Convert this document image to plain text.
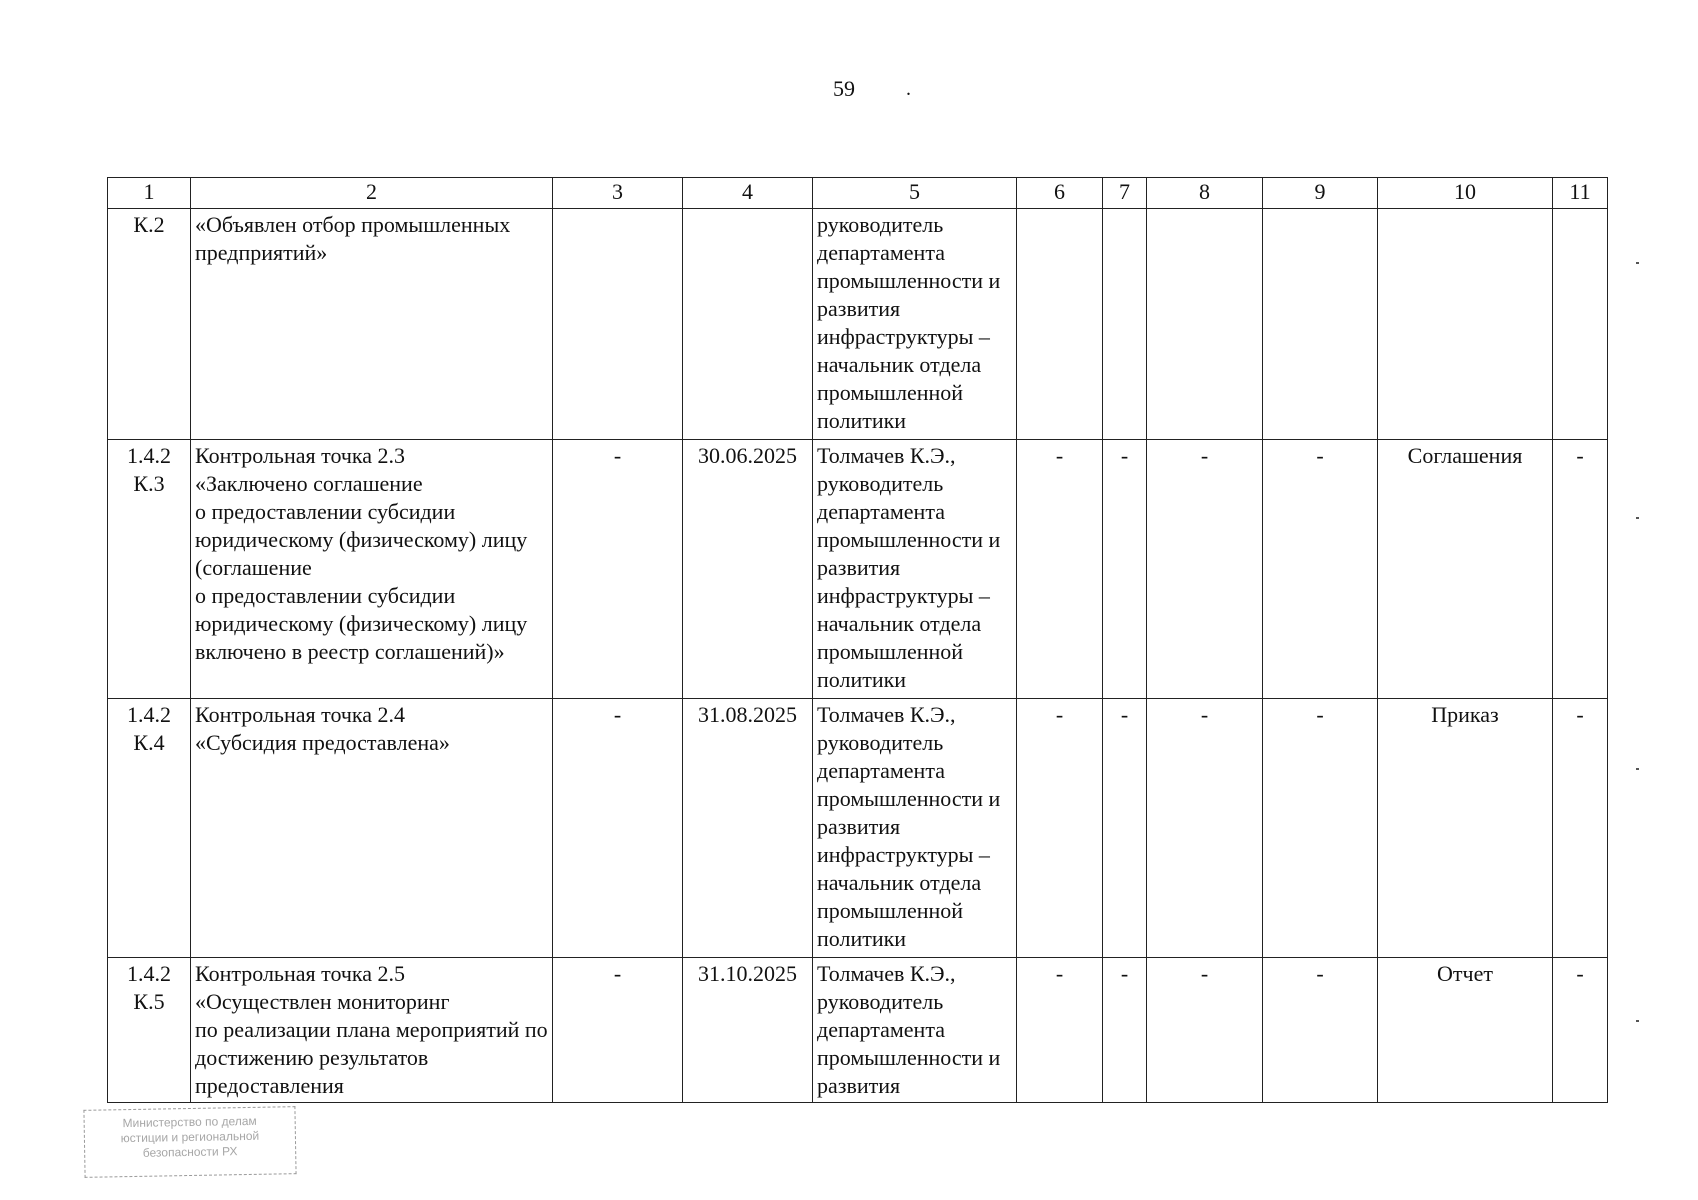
59	.
1	2	3	4	5	6	7	8	9	10	11
К.2	«Объявлен отбор промышленных предприятий»			руководитель департамента промышленности и развития инфраструктуры – начальник отдела промышленной политики						
1.4.2
К.3	Контрольная точка 2.3
«Заключено соглашение
о предоставлении субсидии юридическому (физическому) лицу (соглашение
о предоставлении субсидии юридическому (физическому) лицу включено в реестр соглашений)»	-	30.06.2025	Толмачев К.Э., руководитель департамента промышленности и развития инфраструктуры – начальник отдела промышленной политики	-	-	-	-	Соглашения	-
1.4.2
К.4	Контрольная точка 2.4
«Субсидия предоставлена»	-	31.08.2025	Толмачев К.Э., руководитель департамента промышленности и развития инфраструктуры – начальник отдела промышленной политики	-	-	-	-	Приказ	-
1.4.2
К.5	Контрольная точка 2.5
«Осуществлен мониторинг
по реализации плана мероприятий по достижению результатов предоставления	-	31.10.2025	Толмачев К.Э., руководитель департамента промышленности и развития	-	-	-	-	Отчет	-
Министерство по делам
юстиции и региональной
безопасности РХ
